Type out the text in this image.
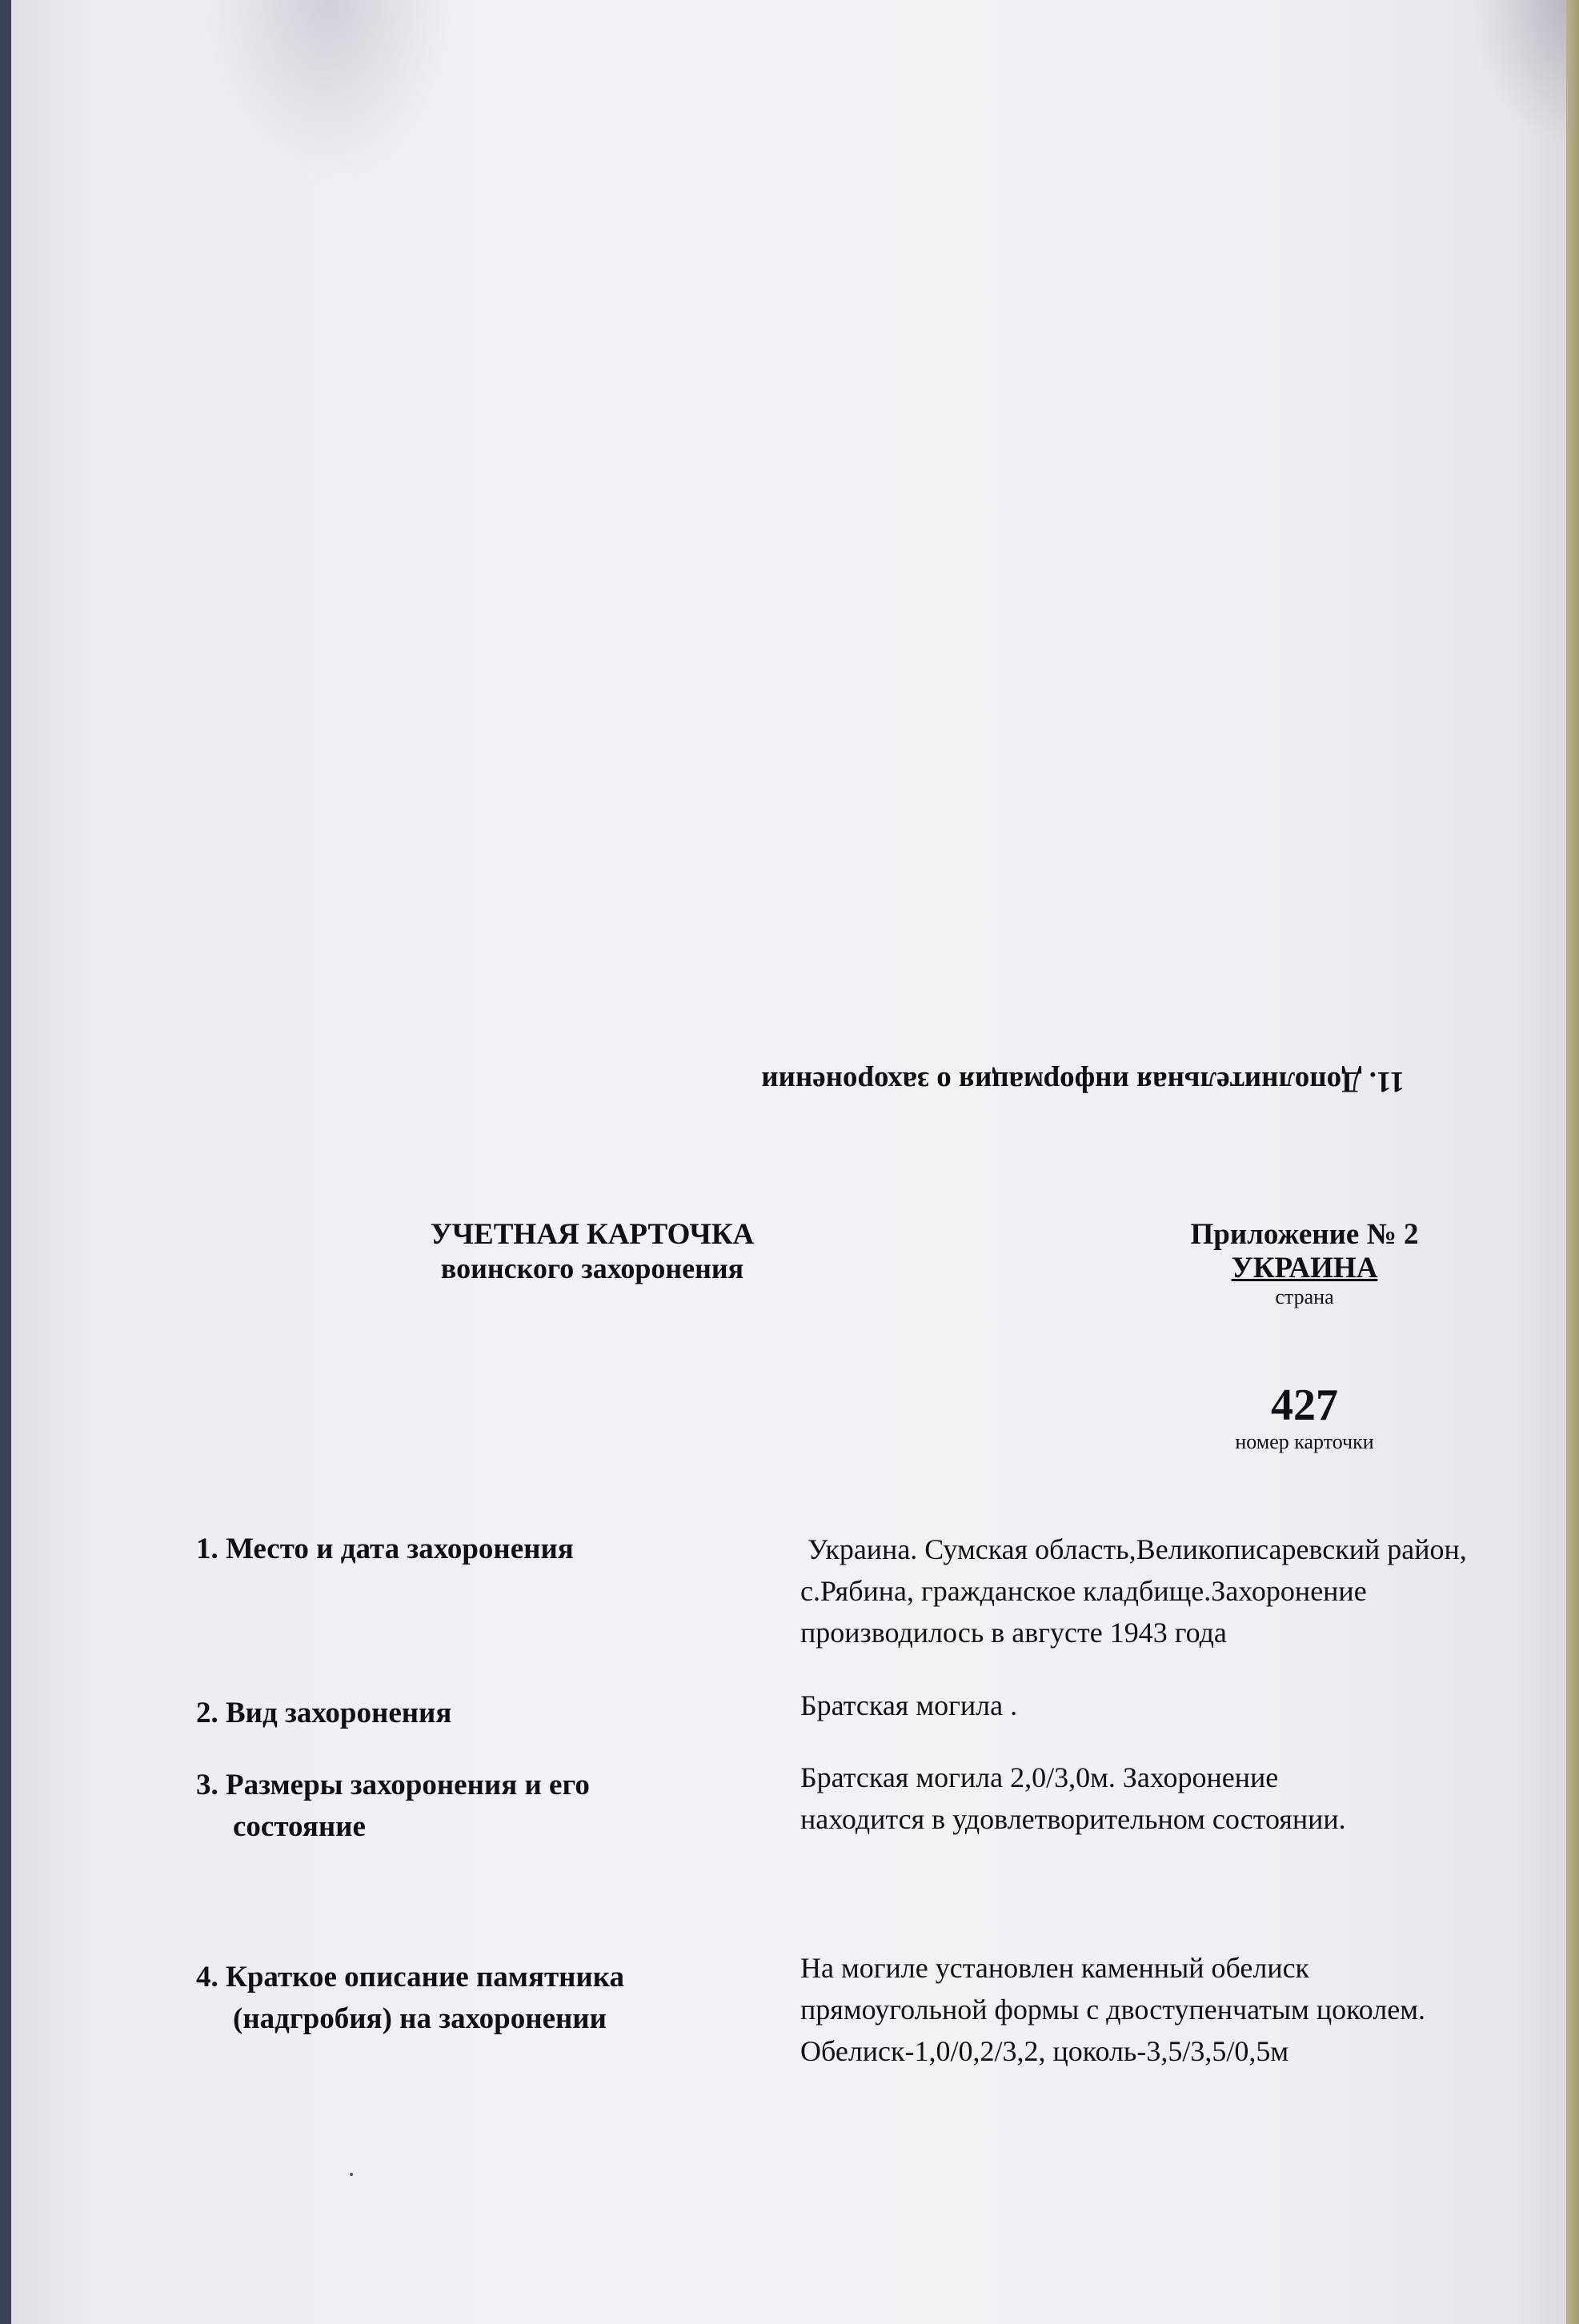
11. Дополнительная информация о захоронении
УЧЕТНАЯ КАРТОЧКА
воинского захоронения
Приложение № 2
УКРАИНА
страна
427
номер карточки
1. Место и дата захоронения	Украина. Сумская область,Великописаревский район,
с.Рябина, гражданское кладбище.Захоронение
производилось в августе 1943 года
2. Вид захоронения	Братская могила .
3. Размеры захоронения и его
состояние
Братская могила 2,0/3,0м. Захоронение
находится в удовлетворительном состоянии.
4. Краткое описание памятника
(надгробия) на захоронении
На могиле установлен каменный обелиск
прямоугольной формы с двоступенчатым цоколем.
Обелиск-1,0/0,2/3,2, цоколь-3,5/3,5/0,5м
